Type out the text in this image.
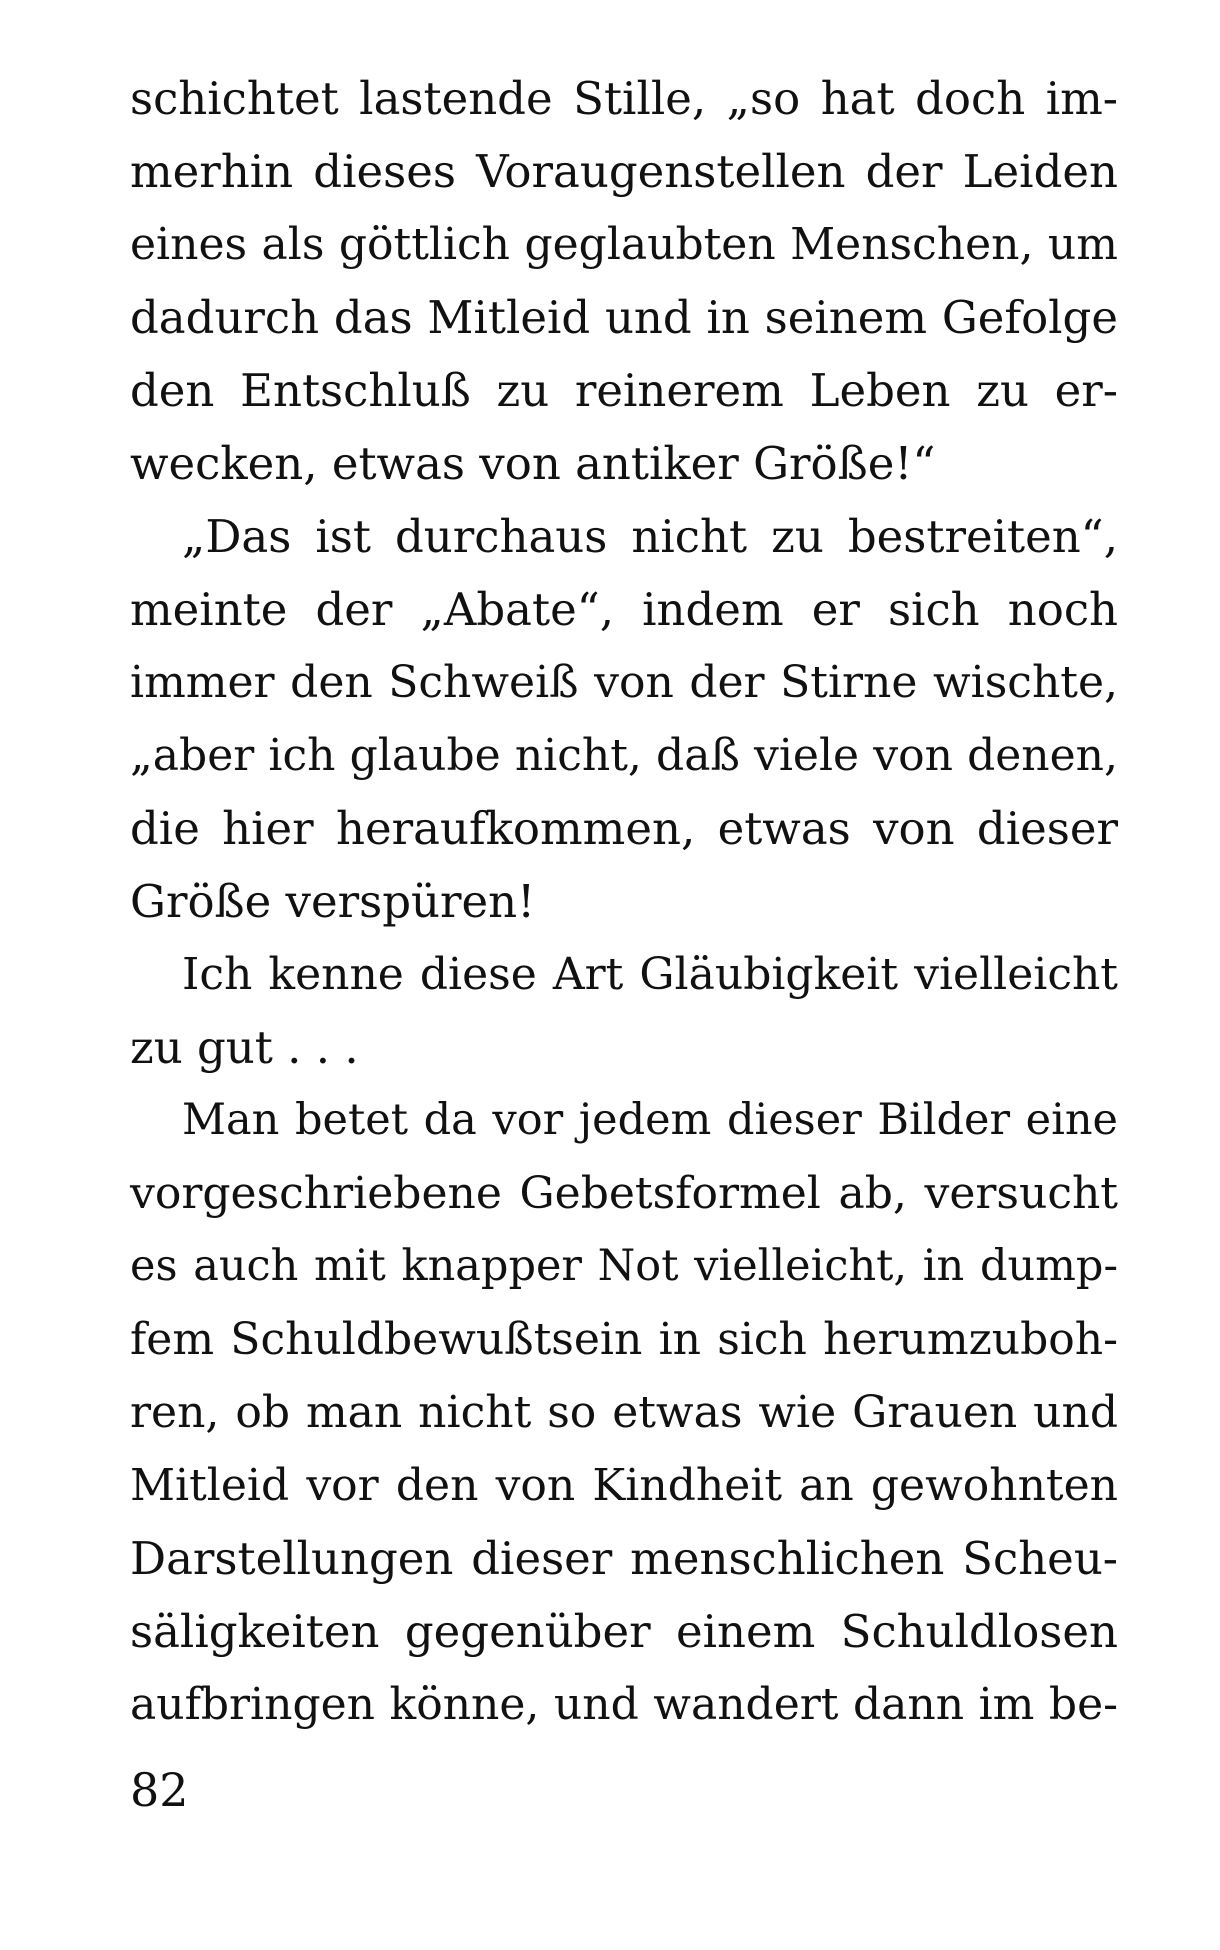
schichtet lastende Stille, „so hat doch im-
merhin dieses Voraugenstellen der Leiden
eines als göttlich geglaubten Menschen, um
dadurch das Mitleid und in seinem Gefolge
den Entschluß zu reinerem Leben zu er-
wecken, etwas von antiker Größe!“
„Das ist durchaus nicht zu bestreiten“,
meinte der „Abate“, indem er sich noch
immer den Schweiß von der Stirne wischte,
„aber ich glaube nicht, daß viele von denen,
die hier heraufkommen, etwas von dieser
Größe verspüren!
Ich kenne diese Art Gläubigkeit vielleicht
zu gut . . .
Man betet da vor jedem dieser Bilder eine
vorgeschriebene Gebetsformel ab, versucht
es auch mit knapper Not vielleicht, in dump-
fem Schuldbewußtsein in sich herumzuboh-
ren, ob man nicht so etwas wie Grauen und
Mitleid vor den von Kindheit an gewohnten
Darstellungen dieser menschlichen Scheu-
säligkeiten gegenüber einem Schuldlosen
aufbringen könne, und wandert dann im be-
82
